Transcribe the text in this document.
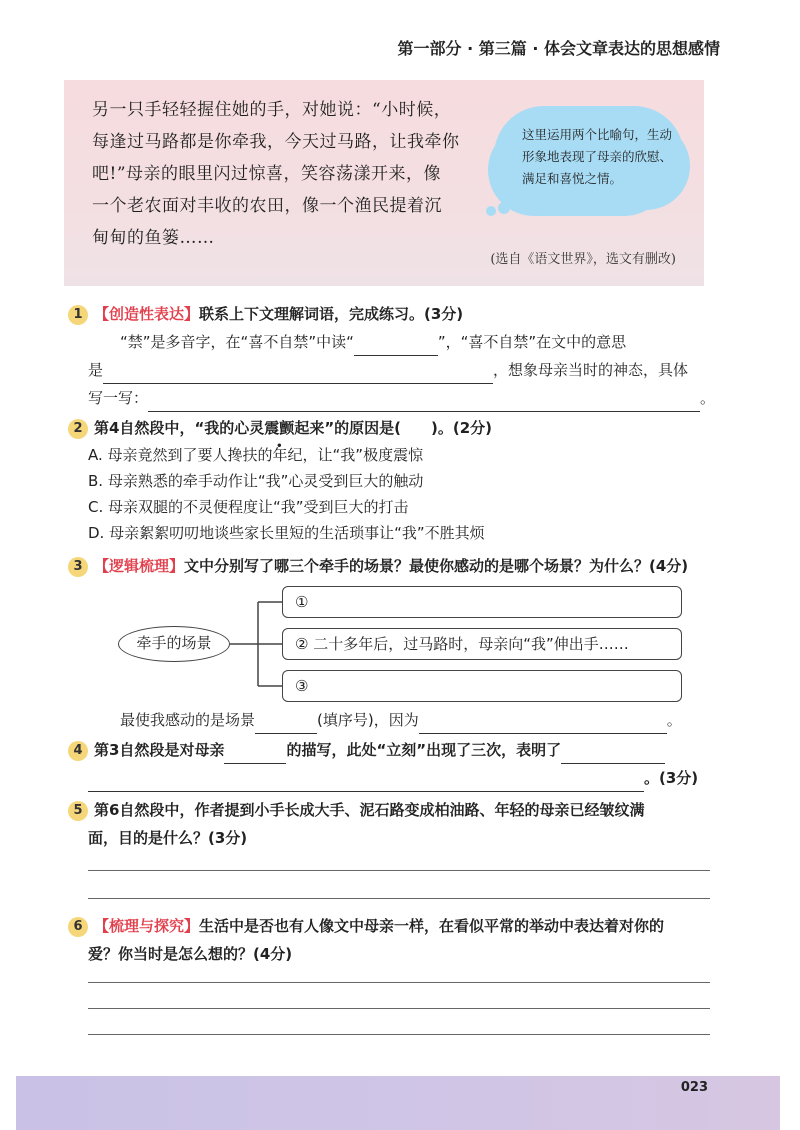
第一部分 · 第三篇 · 体会文章表达的思想感情
另一只手轻轻握住她的手，对她说：“小时候，
每逢过马路都是你牵我，今天过马路，让我牵你
吧!”母亲的眼里闪过惊喜，笑容荡漾开来，像
一个老农面对丰收的农田，像一个渔民提着沉
甸甸的鱼篓……
这里运用两个比喻句，生动形象地表现了母亲的欣慰、满足和喜悦之情。
(选自《语文世界》，选文有删改)
1 【创造性表达】联系上下文理解词语，完成练习。(3分)
“禁”是多音字，在“喜不自禁”中读“	”，“喜不自禁”在文中的意思
是	，想象母亲当时的神态，具体
写一写：	。
2 第4自然段中，“我的心灵震颤起来”的原因是(　　)。(2分)
A. 母亲竟然到了要人搀扶的年纪，让“我”极度震惊
B. 母亲熟悉的牵手动作让“我”心灵受到巨大的触动
C. 母亲双腿的不灵便程度让“我”受到巨大的打击
D. 母亲絮絮叨叨地谈些家长里短的生活琐事让“我”不胜其烦
3 【逻辑梳理】文中分别写了哪三个牵手的场景？最使你感动的是哪个场景？为什么？(4分)
牵手的场景
①
② 二十多年后，过马路时，母亲向“我”伸出手……
③
最使我感动的是场景	(填序号)，因为	。
4 第3自然段是对母亲	的描写，此处“立刻”出现了三次，表明了
。(3分)
5 第6自然段中，作者提到小手长成大手、泥石路变成柏油路、年轻的母亲已经皱纹满
面，目的是什么？(3分)
6 【梳理与探究】生活中是否也有人像文中母亲一样，在看似平常的举动中表达着对你的
爱？你当时是怎么想的？(4分)
023
